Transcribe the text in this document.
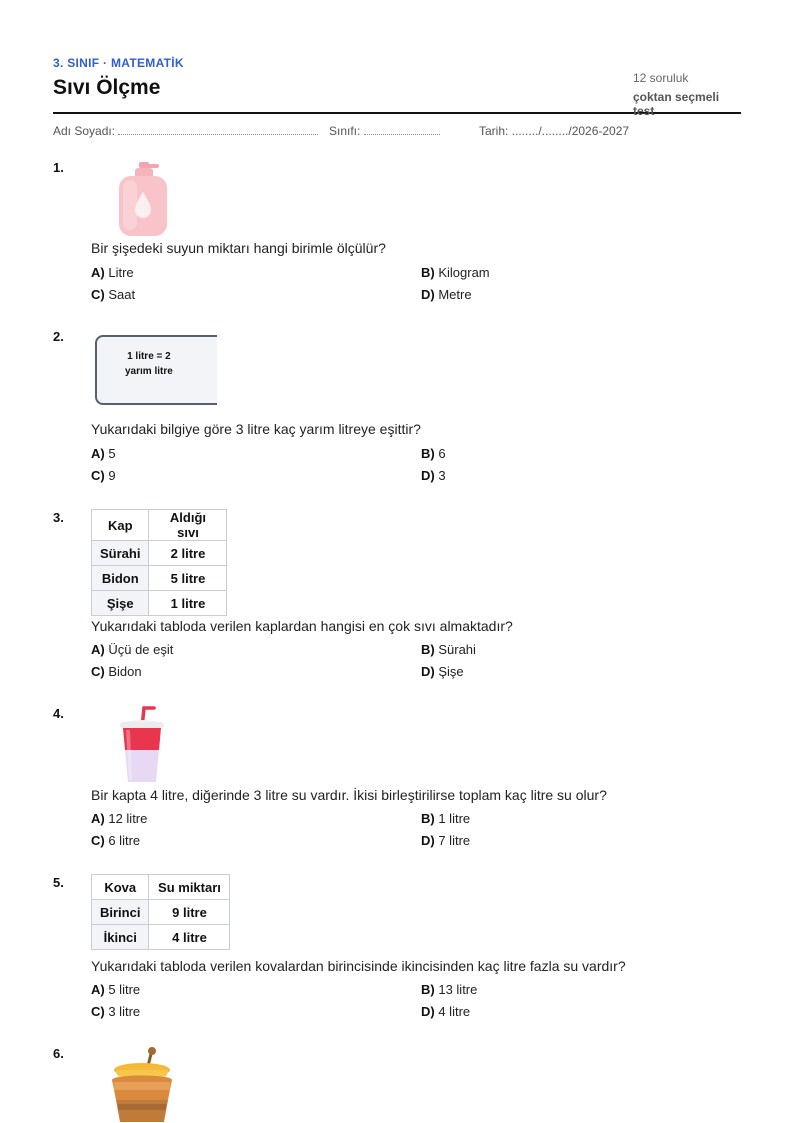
3. SINIF · MATEMATİK
Sıvı Ölçme	12 soruluk
çoktan seçmeli test
Adı Soyadı:	Sınıfı:	Tarih: ......../......../2026-2027
1.
Bir şişedeki suyun miktarı hangi birimle ölçülür?
A) Litre	B) Kilogram
C) Saat	D) Metre
2.
1 litre = 2
yarım litre
Yukarıdaki bilgiye göre 3 litre kaç yarım litreye eşittir?
A) 5	B) 6
C) 9	D) 3
3.	Kap	Aldığı sıvı
Sürahi	2 litre
Bidon	5 litre
Şişe	1 litre
Yukarıdaki tabloda verilen kaplardan hangisi en çok sıvı almaktadır?
A) Üçü de eşit	B) Sürahi
C) Bidon	D) Şişe
4.
Bir kapta 4 litre, diğerinde 3 litre su vardır. İkisi birleştirilirse toplam kaç litre su olur?
A) 12 litre	B) 1 litre
C) 6 litre	D) 7 litre
5.	Kova	Su miktarı
Birinci	9 litre
İkinci	4 litre
Yukarıdaki tabloda verilen kovalardan birincisinde ikincisinden kaç litre fazla su vardır?
A) 5 litre	B) 13 litre
C) 3 litre	D) 4 litre
6.
